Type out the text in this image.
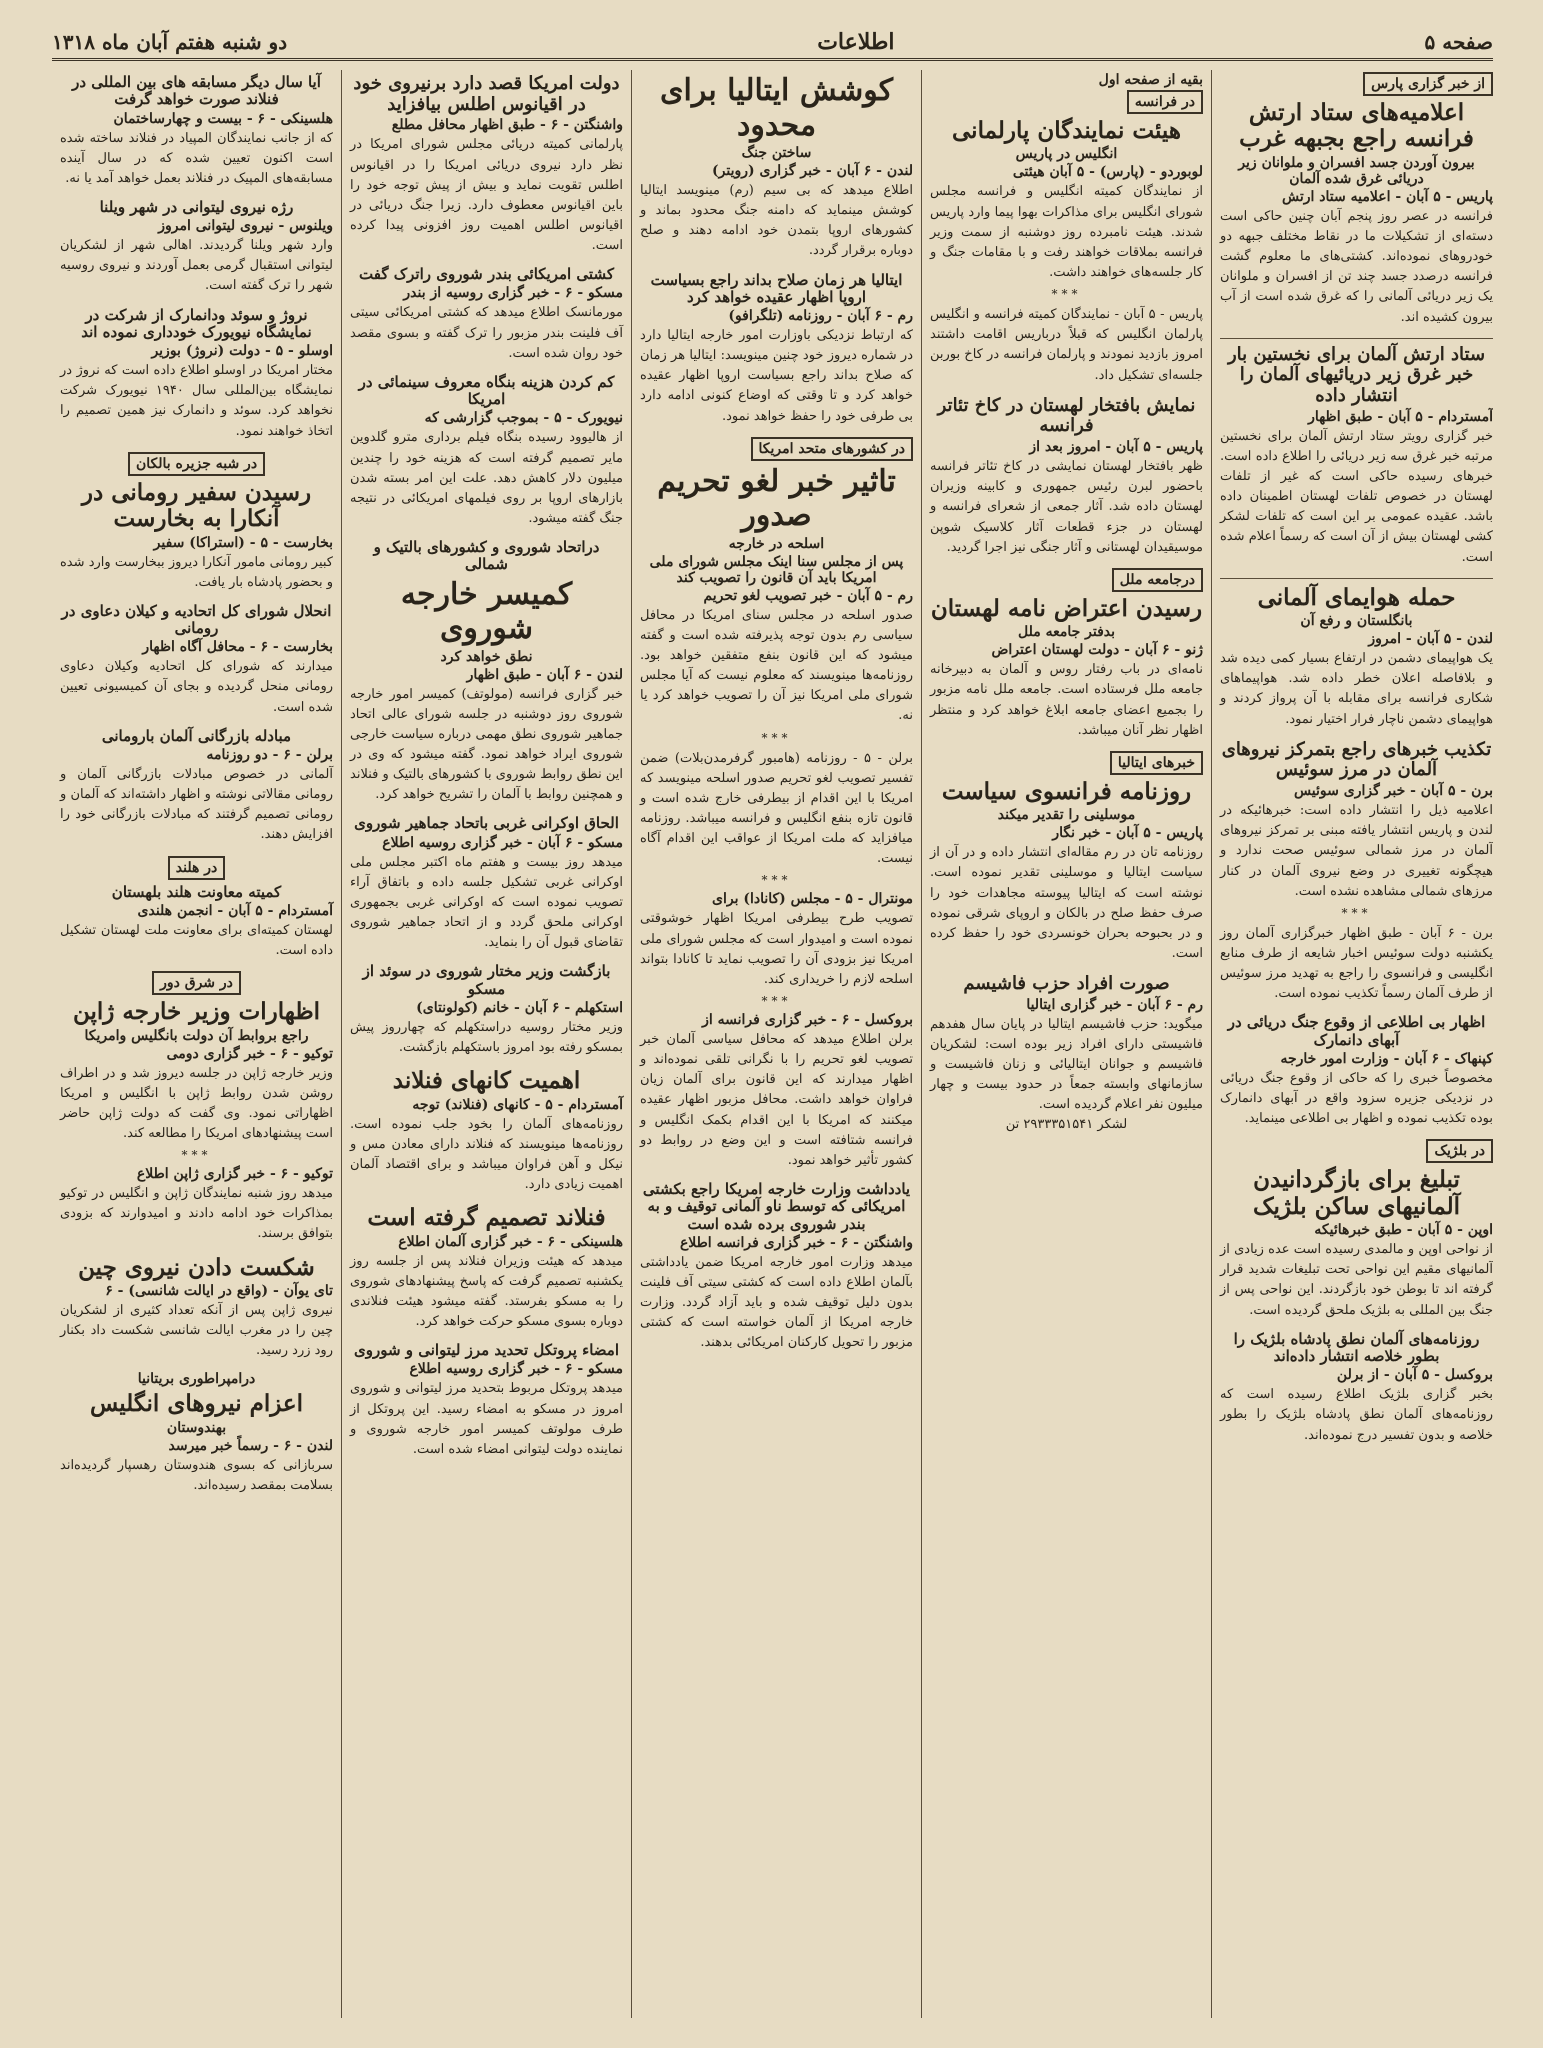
صفحه ۵
اطلاعات
دو شنبه هفتم آبان ماه ۱۳۱۸
از خبر گزاری پارس
اعلامیه‌های ستاد ارتش فرانسه راجع بجبهه غرب
بیرون آوردن جسد افسران و ملوانان زیر دریائی غرق شده آلمان
پاریس - ۵ آبان - اعلامیه ستاد ارتش

فرانسه در عصر روز پنجم آبان چنین حاکی است دسته‌ای از تشکیلات ما در نقاط مختلف جبهه دو خودروهای نموده‌اند. کشتی‌های ما معلوم گشت فرانسه درصدد جسد چند تن از افسران و ملوانان یک زیر دریائی آلمانی را که غرق شده است از آب بیرون کشیده اند.

ستاد ارتش آلمان برای نخستین بار خبر غرق زیر دریائیهای آلمان را انتشار داده
آمستردام - ۵ آبان - طبق اظهار

خبر گزاری رویتر ستاد ارتش آلمان برای نخستین مرتبه خبر غرق سه زیر دریائی را اطلاع داده است. خبرهای رسیده حاکی است که غیر از تلفات لهستان در خصوص تلفات لهستان اطمینان داده باشد. عقیده عمومی بر این است که تلفات لشکر کشی لهستان بیش از آن است که رسماً اعلام شده است.

حمله هوایمای آلمانی
بانگلستان و رفع آن
لندن - ۵ آبان - امروز

یک هواپیمای دشمن در ارتفاع بسیار کمی دیده شد و بلافاصله اعلان خطر داده شد. هواپیماهای شکاری فرانسه برای مقابله با آن پرواز کردند و هواپیمای دشمن ناچار فرار اختیار نمود.

تکذیب خبرهای راجع بتمرکز نیروهای آلمان در مرز سوئیس
برن - ۵ آبان - خبر گزاری سوئیس

اعلامیه ذیل را انتشار داده است: خبرهائیکه در لندن و پاریس انتشار یافته مبنی بر تمرکز نیروهای آلمان در مرز شمالی سوئیس صحت ندارد و هیچگونه تغییری در وضع نیروی آلمان در کنار مرزهای شمالی مشاهده نشده است.

***

برن - ۶ آبان - طبق اظهار خبرگزاری آلمان روز یکشنبه دولت سوئیس اخبار شایعه از طرف منابع انگلیسی و فرانسوی را راجع به تهدید مرز سوئیس از طرف آلمان رسماً تکذیب نموده است.

اظهار بی اطلاعی از وقوع جنگ دریائی در آبهای دانمارک
کپنهاک - ۶ آبان - وزارت امور خارجه

مخصوصاً خبری را که حاکی از وقوع جنگ دریائی در نزدیکی جزیره سزود واقع در آبهای دانمارک بوده تکذیب نموده و اظهار بی اطلاعی مینماید.

در بلژیک
تبلیغ برای بازگردانیدن آلمانیهای ساکن بلژیک
اوپن - ۵ آبان - طبق خبرهائیکه

از نواحی اوپن و مالمدی رسیده است عده زیادی از آلمانیهای مقیم این نواحی تحت تبلیغات شدید قرار گرفته اند تا بوطن خود بازگردند. این نواحی پس از جنگ بین المللی به بلژیک ملحق گردیده است.

روزنامه‌های آلمان نطق پادشاه بلژیک را بطور خلاصه انتشار داده‌اند
بروکسل - ۵ آبان - از برلن

بخبر گزاری بلژیک اطلاع رسیده است که روزنامه‌های آلمان نطق پادشاه بلژیک را بطور خلاصه و بدون تفسیر درج نموده‌اند.

بقیه از صفحه اول
در فرانسه
هیئت نمایندگان پارلمانی
انگلیس در پاریس
لوبوردو - (پارس) - ۵ آبان هیئتی

از نمایندگان کمیته انگلیس و فرانسه مجلس شورای انگلیس برای مذاکرات بهوا پیما وارد پاریس شدند. هیئت نامبرده روز دوشنبه از سمت وزیر فرانسه بملاقات خواهند رفت و با مقامات جنگ و کار جلسه‌های خواهند داشت.

***

پاریس - ۵ آبان - نمایندگان کمیته فرانسه و انگلیس پارلمان انگلیس که قبلاً درباریس اقامت داشتند امروز بازدید نمودند و پارلمان فرانسه در کاخ بوربن جلسه‌ای تشکیل داد.

نمایش بافتخار لهستان در کاخ تئاتر فرانسه
پاریس - ۵ آبان - امروز بعد از

ظهر بافتخار لهستان نمایشی در کاخ تئاتر فرانسه باحضور لبرن رئیس جمهوری و کابینه وزیران لهستان داده شد. آثار جمعی از شعرای فرانسه و لهستان در جزء قطعات آثار کلاسیک شوپن موسیقیدان لهستانی و آثار جنگی نیز اجرا گردید.

درجامعه ملل
رسیدن اعتراض نامه لهستان
بدفتر جامعه ملل
ژنو - ۶ آبان - دولت لهستان اعتراض

نامه‌ای در باب رفتار روس و آلمان به دبیرخانه جامعه ملل فرستاده است. جامعه ملل نامه مزبور را بجمیع اعضای جامعه ابلاغ خواهد کرد و منتظر اظهار نظر آنان میباشد.

خبرهای ایتالیا
روزنامه فرانسوی سیاست
موسلینی را تقدیر میکند
پاریس - ۵ آبان - خبر نگار

روزنامه تان در رم مقاله‌ای انتشار داده و در آن از سیاست ایتالیا و موسلینی تقدیر نموده است. نوشته است که ایتالیا پیوسته مجاهدات خود را صرف حفظ صلح در بالکان و اروپای شرقی نموده و در بحبوحه بحران خونسردی خود را حفظ کرده است.

صورت افراد حزب فاشیسم
رم - ۶ آبان - خبر گزاری ایتالیا

میگوید: حزب فاشیسم ایتالیا در پایان سال هفدهم فاشیستی دارای افراد زیر بوده است: لشکریان فاشیسم و جوانان ایتالیائی و زنان فاشیست و سازمانهای وابسته جمعاً در حدود بیست و چهار میلیون نفر اعلام گردیده است.

لشکر ۲۹۳۳۳۵۱۵۴۱ تن

کوشش ایتالیا برای محدود
ساختن جنگ
لندن - ۶ آبان - خبر گزاری (رویتر)

اطلاع میدهد که بی سیم (رم) مینویسد ایتالیا کوشش مینماید که دامنه جنگ محدود بماند و کشورهای اروپا بتمدن خود ادامه دهند و صلح دوباره برقرار گردد.

ایتالیا هر زمان صلاح بداند راجع بسیاست اروپا اظهار عقیده خواهد کرد
رم - ۶ آبان - روزنامه (تلگرافو)

که ارتباط نزدیکی باوزارت امور خارجه ایتالیا دارد در شماره دیروز خود چنین مینویسد: ایتالیا هر زمان که صلاح بداند راجع بسیاست اروپا اظهار عقیده خواهد کرد و تا وقتی که اوضاع کنونی ادامه دارد بی طرفی خود را حفظ خواهد نمود.

در کشورهای متحد امریکا
تاثیر خبر لغو تحریم صدور
اسلحه در خارجه
پس از مجلس سنا اینک مجلس شورای ملی امریکا باید آن قانون را تصویب کند
رم - ۵ آبان - خبر تصویب لغو تحریم

صدور اسلحه در مجلس سنای امریکا در محافل سیاسی رم بدون توجه پذیرفته شده است و گفته میشود که این قانون بنفع متفقین خواهد بود. روزنامه‌ها مینویسند که معلوم نیست که آیا مجلس شورای ملی امریکا نیز آن را تصویب خواهد کرد یا نه.

***

برلن - ۵ - روزنامه (هامبور گرفرمدن‌بلات) ضمن تفسیر تصویب لغو تحریم صدور اسلحه مینویسد که امریکا با این اقدام از بیطرفی خارج شده است و قانون تازه بنفع انگلیس و فرانسه میباشد. روزنامه میافزاید که ملت امریکا از عواقب این اقدام آگاه نیست.

***
مونترال - ۵ - مجلس (کانادا) برای

تصویب طرح بیطرفی امریکا اظهار خوشوقتی نموده است و امیدوار است که مجلس شورای ملی امریکا نیز بزودی آن را تصویب نماید تا کانادا بتواند اسلحه لازم را خریداری کند.

***
بروکسل - ۶ - خبر گزاری فرانسه از

برلن اطلاع میدهد که محافل سیاسی آلمان خبر تصویب لغو تحریم را با نگرانی تلقی نموده‌اند و اظهار میدارند که این قانون برای آلمان زیان فراوان خواهد داشت. محافل مزبور اظهار عقیده میکنند که امریکا با این اقدام بکمک انگلیس و فرانسه شتافته است و این وضع در روابط دو کشور تأثیر خواهد نمود.

یادداشت وزارت خارجه امریکا راجع بکشتی امریکائی که توسط ناو آلمانی توقیف و به بندر شوروی برده شده است
واشنگتن - ۶ - خبر گزاری فرانسه اطلاع

میدهد وزارت امور خارجه امریکا ضمن یادداشتی بآلمان اطلاع داده است که کشتی سیتی آف فلینت بدون دلیل توقیف شده و باید آزاد گردد. وزارت خارجه امریکا از آلمان خواسته است که کشتی مزبور را تحویل کارکنان امریکائی بدهند.

دولت امریکا قصد دارد برنیروی خود در اقیانوس اطلس بیافزاید
واشنگتن - ۶ - طبق اظهار محافل مطلع

پارلمانی کمیته دریائی مجلس شورای امریکا در نظر دارد نیروی دریائی امریکا را در اقیانوس اطلس تقویت نماید و بیش از پیش توجه خود را باین اقیانوس معطوف دارد. زیرا جنگ دریائی در اقیانوس اطلس اهمیت روز افزونی پیدا کرده است.

کشتی امریکائی بندر شوروی راترک گفت
مسکو - ۶ - خبر گزاری روسیه از بندر

مورمانسک اطلاع میدهد که کشتی امریکائی سیتی آف فلینت بندر مزبور را ترک گفته و بسوی مقصد خود روان شده است.

کم کردن هزینه بنگاه معروف سینمائی در امریکا
نیویورک - ۵ - بموجب گزارشی که

از هالیوود رسیده بنگاه فیلم برداری مترو گلدوین مایر تصمیم گرفته است که هزینه خود را چندین میلیون دلار کاهش دهد. علت این امر بسته شدن بازارهای اروپا بر روی فیلمهای امریکائی در نتیجه جنگ گفته میشود.

دراتحاد شوروی و کشورهای بالتیک و شمالی
کمیسر خارجه شوروی
نطق خواهد کرد
لندن - ۶ آبان - طبق اظهار

خبر گزاری فرانسه (مولوتف) کمیسر امور خارجه شوروی روز دوشنبه در جلسه شورای عالی اتحاد جماهیر شوروی نطق مهمی درباره سیاست خارجی شوروی ایراد خواهد نمود. گفته میشود که وی در این نطق روابط شوروی با کشورهای بالتیک و فنلاند و همچنین روابط با آلمان را تشریح خواهد کرد.

الحاق اوکرانی غربی باتحاد جماهیر شوروی
مسکو - ۶ آبان - خبر گزاری روسیه اطلاع

میدهد روز بیست و هفتم ماه اکتبر مجلس ملی اوکرانی غربی تشکیل جلسه داده و باتفاق آراء تصویب نموده است که اوکرانی غربی بجمهوری اوکرانی ملحق گردد و از اتحاد جماهیر شوروی تقاضای قبول آن را بنماید.

بازگشت وزیر مختار شوروی در سوئد از مسکو
استکهلم - ۶ آبان - خانم (کولونتای)

وزیر مختار روسیه دراستکهلم که چهارروز پیش بمسکو رفته بود امروز باستکهلم بازگشت.

اهمیت کانهای فنلاند
آمستردام - ۵ - کانهای (فنلاند) توجه

روزنامه‌های آلمان را بخود جلب نموده است. روزنامه‌ها مینویسند که فنلاند دارای معادن مس و نیکل و آهن فراوان میباشد و برای اقتصاد آلمان اهمیت زیادی دارد.

فنلاند تصمیم گرفته است
هلسینکی - ۶ - خبر گزاری آلمان اطلاع

میدهد که هیئت وزیران فنلاند پس از جلسه روز یکشنبه تصمیم گرفت که پاسخ پیشنهادهای شوروی را به مسکو بفرستد. گفته میشود هیئت فنلاندی دوباره بسوی مسکو حرکت خواهد کرد.

امضاء پروتکل تحدید مرز لیتوانی و شوروی
مسکو - ۶ - خبر گزاری روسیه اطلاع

میدهد پروتکل مربوط بتحدید مرز لیتوانی و شوروی امروز در مسکو به امضاء رسید. این پروتکل از طرف مولوتف کمیسر امور خارجه شوروی و نماینده دولت لیتوانی امضاء شده است.

آیا سال دیگر مسابقه های بین المللی در فنلاند صورت خواهد گرفت
هلسینکی - ۶ - بیست و چهارساختمان

که از جانب نمایندگان المپیاد در فنلاند ساخته شده است اکنون تعیین شده که در سال آینده مسابقه‌های المپیک در فنلاند بعمل خواهد آمد یا نه.

رژه نیروی لیتوانی در شهر ویلنا
ویلنوس - نیروی لیتوانی امروز

وارد شهر ویلنا گردیدند. اهالی شهر از لشکریان لیتوانی استقبال گرمی بعمل آوردند و نیروی روسیه شهر را ترک گفته است.

نروژ و سوئد ودانمارک از شرکت در نمایشگاه نیویورک خودداری نموده اند
اوسلو - ۵ - دولت (نروژ) بوزیر

مختار امریکا در اوسلو اطلاع داده است که نروژ در نمایشگاه بین‌المللی سال ۱۹۴۰ نیویورک شرکت نخواهد کرد. سوئد و دانمارک نیز همین تصمیم را اتخاذ خواهند نمود.

در شبه جزیره بالکان
رسیدن سفیر رومانی در آنکارا به بخارست
بخارست - ۵ - (استراکا) سفیر

کبیر رومانی مامور آنکارا دیروز ببخارست وارد شده و بحضور پادشاه بار یافت.

انحلال شورای کل اتحادیه و کیلان دعاوی در رومانی
بخارست - ۶ - محافل آگاه اظهار

میدارند که شورای کل اتحادیه وکیلان دعاوی رومانی منحل گردیده و بجای آن کمیسیونی تعیین شده است.

مبادله بازرگانی آلمان بارومانی
برلن - ۶ - دو روزنامه

آلمانی در خصوص مبادلات بازرگانی آلمان و رومانی مقالاتی نوشته و اظهار داشته‌اند که آلمان و رومانی تصمیم گرفتند که مبادلات بازرگانی خود را افزایش دهند.

در هلند
کمیته معاونت هلند بلهستان
آمستردام - ۵ آبان - انجمن هلندی

لهستان کمیته‌ای برای معاونت ملت لهستان تشکیل داده است.

در شرق دور
اظهارات وزیر خارجه ژاپن
راجع بروابط آن دولت بانگلیس وامریکا
توکیو - ۶ - خبر گزاری دومی

وزیر خارجه ژاپن در جلسه دیروز شد و در اطراف روشن شدن روابط ژاپن با انگلیس و امریکا اظهاراتی نمود. وی گفت که دولت ژاپن حاضر است پیشنهادهای امریکا را مطالعه کند.

***
توکیو - ۶ - خبر گزاری ژاپن اطلاع

میدهد روز شنبه نمایندگان ژاپن و انگلیس در توکیو بمذاکرات خود ادامه دادند و امیدوارند که بزودی بتوافق برسند.

شکست دادن نیروی چین
تای یوآن - (واقع در ایالت شانسی) - ۶

نیروی ژاپن پس از آنکه تعداد کثیری از لشکریان چین را در مغرب ایالت شانسی شکست داد بکنار رود زرد رسید.

درامپراطوری بریتانیا
اعزام نیروهای انگلیس
بهندوستان
لندن - ۶ - رسماً خبر میرسد

سربازانی که بسوی هندوستان رهسپار گردیده‌اند بسلامت بمقصد رسیده‌اند.
